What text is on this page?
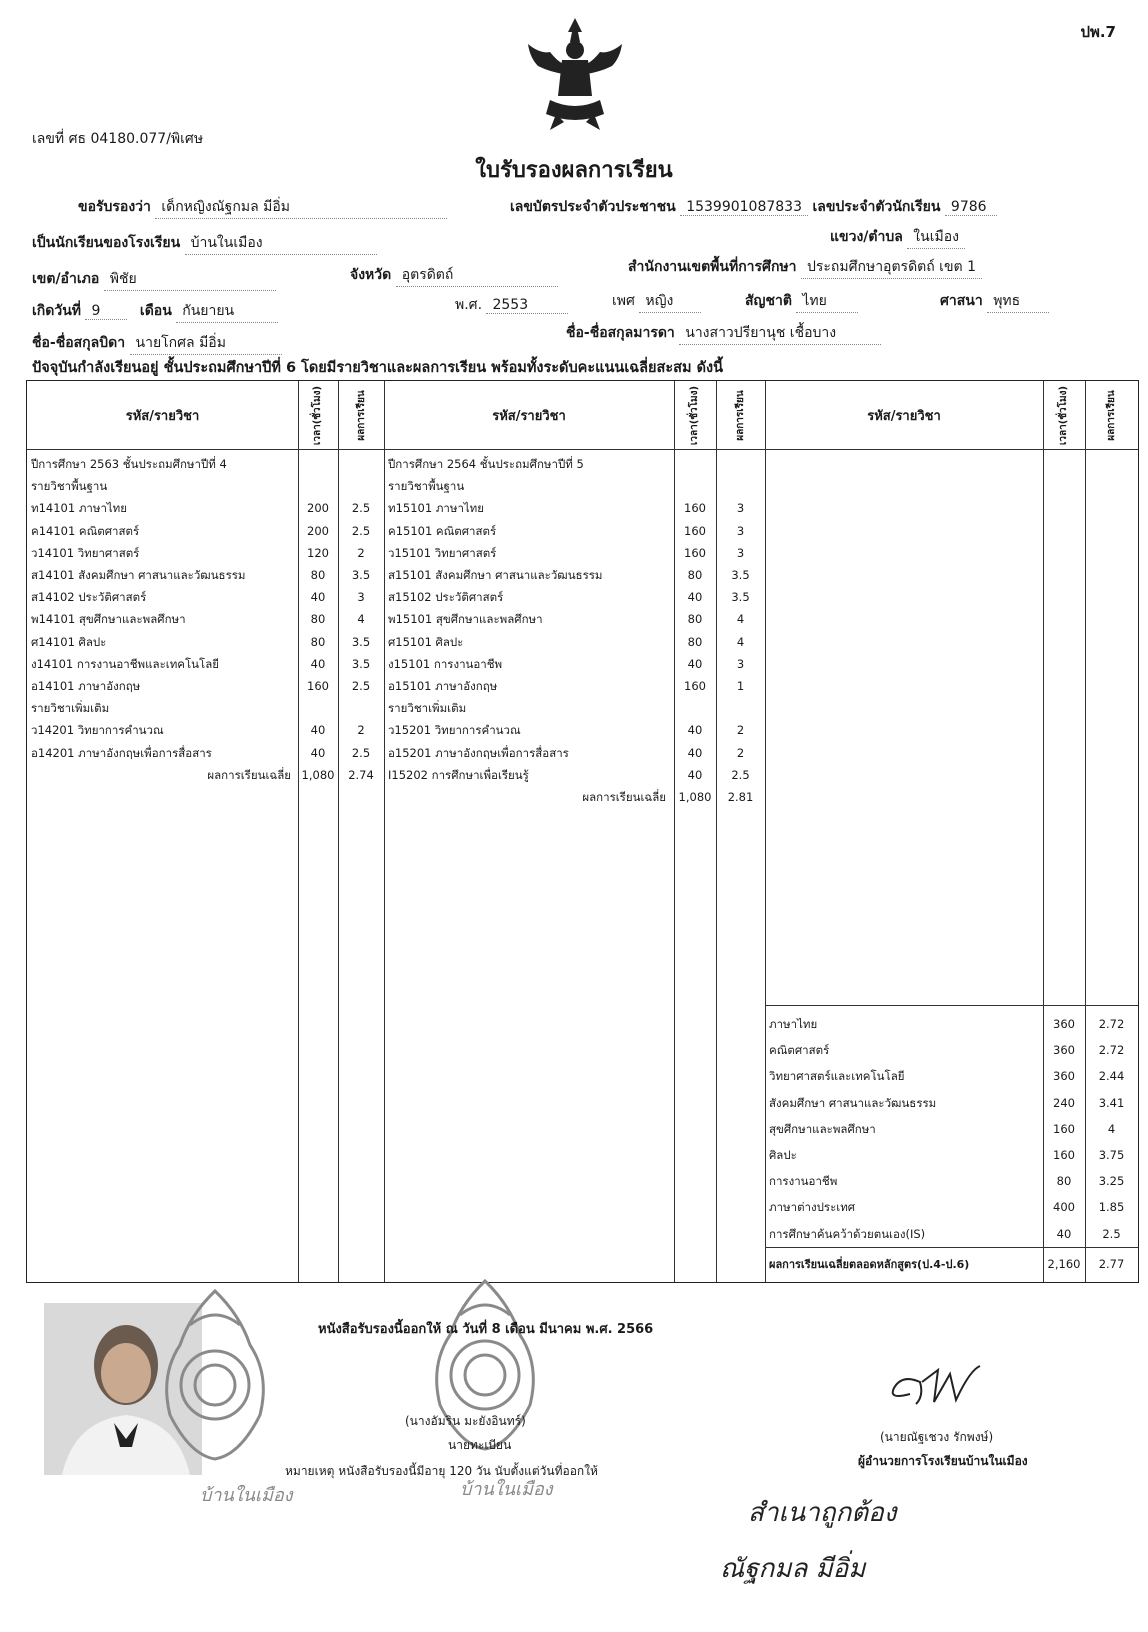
ปพ.7
เลขที่ ศธ 04180.077/พิเศษ
ใบรับรองผลการเรียน
ขอรับรองว่า เด็กหญิงณัฐกมล มีอิ่ม	เลขบัตรประจำตัวประชาชน 1539901087833 เลขประจำตัวนักเรียน 9786
เป็นนักเรียนของโรงเรียน บ้านในเมือง	แขวง/ตำบล ในเมือง
เขต/อำเภอ พิชัย	จังหวัด อุตรดิตถ์	สำนักงานเขตพื้นที่การศึกษา ประถมศึกษาอุตรดิตถ์ เขต 1
เกิดวันที่ 9	เดือน กันยายน	พ.ศ. 2553	เพศ หญิง	สัญชาติ ไทย	ศาสนา พุทธ
ชื่อ-ชื่อสกุลบิดา นายโกศล มีอิ่ม
ชื่อ-ชื่อสกุลมารดา นางสาวปรียานุช เชื้อบาง
ปัจจุบันกำลังเรียนอยู่ ชั้นประถมศึกษาปีที่ 6 โดยมีรายวิชาและผลการเรียน พร้อมทั้งระดับคะแนนเฉลี่ยสะสม ดังนี้
รหัส/รายวิชา	เวลา(ชั่วโมง)	ผลการเรียน	รหัส/รายวิชา	เวลา(ชั่วโมง)	ผลการเรียน	รหัส/รายวิชา	เวลา(ชั่วโมง)	ผลการเรียน
ปีการศึกษา 2563 ชั้นประถมศึกษาปีที่ 4
รายวิชาพื้นฐาน
ท14101 ภาษาไทย	200	2.5
ค14101 คณิตศาสตร์	200	2.5
ว14101 วิทยาศาสตร์	120	2
ส14101 สังคมศึกษา ศาสนาและวัฒนธรรม	80	3.5
ส14102 ประวัติศาสตร์	40	3
พ14101 สุขศึกษาและพลศึกษา	80	4
ศ14101 ศิลปะ	80	3.5
ง14101 การงานอาชีพและเทคโนโลยี	40	3.5
อ14101 ภาษาอังกฤษ	160	2.5
รายวิชาเพิ่มเติม
ว14201 วิทยาการคำนวณ	40	2
อ14201 ภาษาอังกฤษเพื่อการสื่อสาร	40	2.5
ผลการเรียนเฉลี่ย 1,080	2.74
ปีการศึกษา 2564 ชั้นประถมศึกษาปีที่ 5
รายวิชาพื้นฐาน
ท15101 ภาษาไทย	160	3
ค15101 คณิตศาสตร์	160	3
ว15101 วิทยาศาสตร์	160	3
ส15101 สังคมศึกษา ศาสนาและวัฒนธรรม	80	3.5
ส15102 ประวัติศาสตร์	40	3.5
พ15101 สุขศึกษาและพลศึกษา	80	4
ศ15101 ศิลปะ	80	4
ง15101 การงานอาชีพ	40	3
อ15101 ภาษาอังกฤษ	160	1
รายวิชาเพิ่มเติม
ว15201 วิทยาการคำนวณ	40	2
อ15201 ภาษาอังกฤษเพื่อการสื่อสาร	40	2
I15202 การศึกษาเพื่อเรียนรู้	40	2.5
ผลการเรียนเฉลี่ย	1,080	2.81
ภาษาไทย	360	2.72
คณิตศาสตร์	360	2.72
วิทยาศาสตร์และเทคโนโลยี	360	2.44
สังคมศึกษา ศาสนาและวัฒนธรรม	240	3.41
สุขศึกษาและพลศึกษา	160	4
ศิลปะ	160	3.75
การงานอาชีพ	80	3.25
ภาษาต่างประเทศ	400	1.85
การศึกษาค้นคว้าด้วยตนเอง(IS)	40	2.5
ผลการเรียนเฉลี่ยตลอดหลักสูตร(ป.4-ป.6)	2,160	2.77
บ้านในเมือง	บ้านในเมือง
หนังสือรับรองนี้ออกให้ ณ วันที่ 8 เดือน มีนาคม พ.ศ. 2566
(นางอัมริน มะยังอินทร์)
นายทะเบียน
หมายเหตุ หนังสือรับรองนี้มีอายุ 120 วัน นับตั้งแต่วันที่ออกให้
(นายณัฐเชวง รักพงษ์)
ผู้อำนวยการโรงเรียนบ้านในเมือง
สำเนาถูกต้อง
ณัฐกมล มีอิ่ม
